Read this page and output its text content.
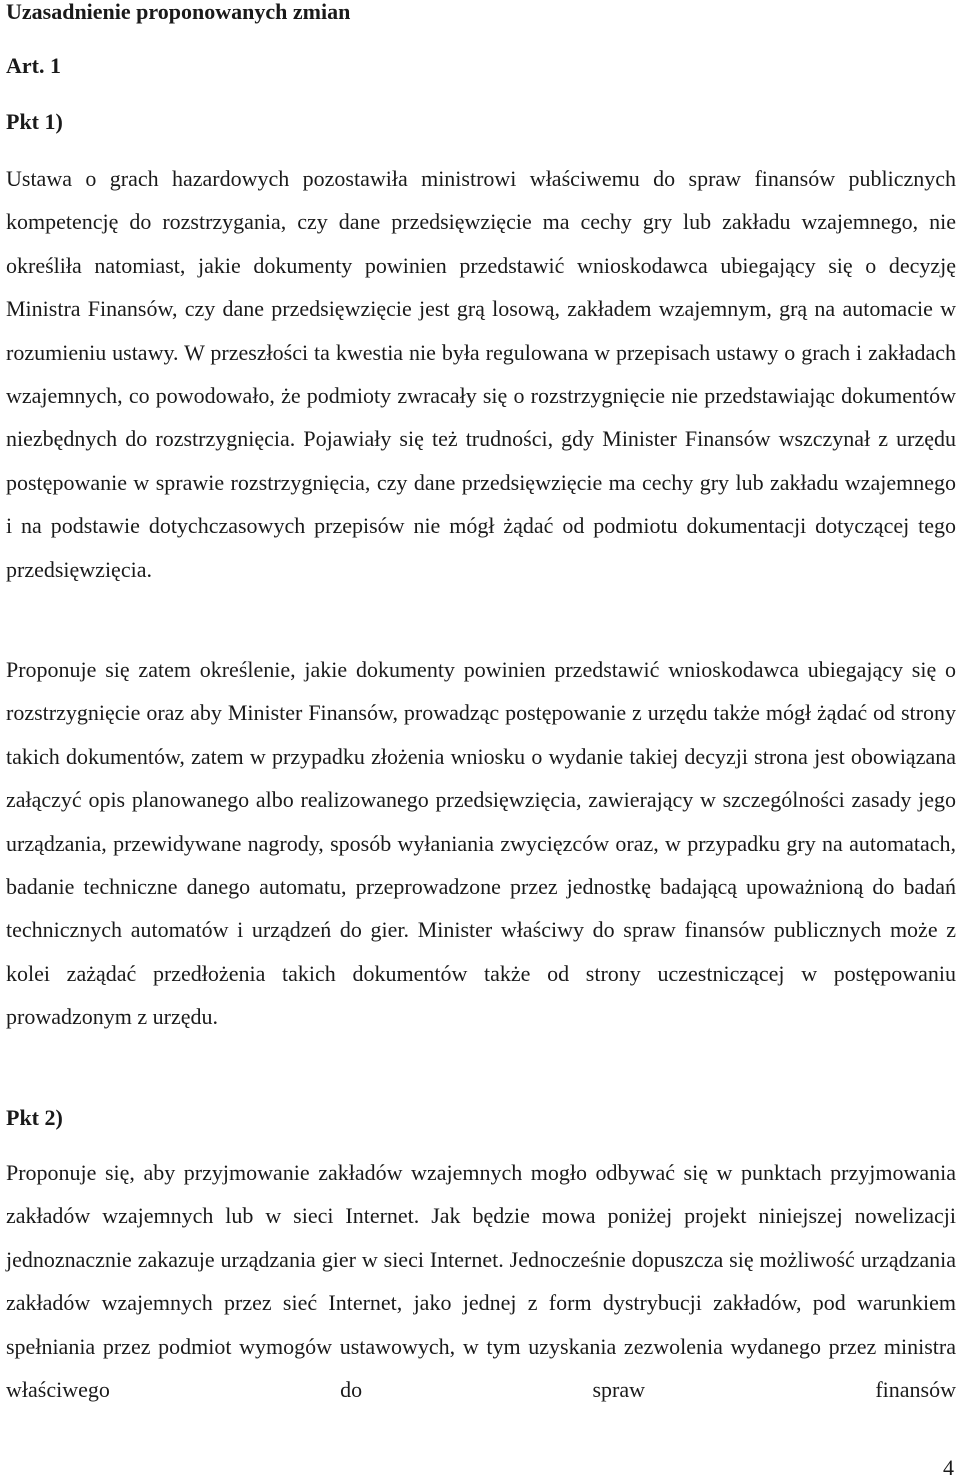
Uzasadnienie proponowanych zmian
Art. 1
Pkt 1)

Ustawa o grach hazardowych pozostawiła ministrowi właściwemu do spraw finansów publicznych kompetencję do rozstrzygania, czy dane przedsięwzięcie ma cechy gry lub zakładu wzajemnego, nie określiła natomiast, jakie dokumenty powinien przedstawić wnioskodawca ubiegający się o decyzję Ministra Finansów, czy dane przedsięwzięcie jest grą losową, zakładem wzajemnym, grą na automacie w rozumieniu ustawy. W przeszłości ta kwestia nie była regulowana w przepisach ustawy o grach i zakładach wzajemnych, co powodowało, że podmioty zwracały się o rozstrzygnięcie nie przedstawiając dokumentów niezbędnych do rozstrzygnięcia. Pojawiały się też trudności, gdy Minister Finansów wszczynał z urzędu postępowanie w sprawie rozstrzygnięcia, czy dane przedsięwzięcie ma cechy gry lub zakładu wzajemnego i na podstawie dotychczasowych przepisów nie mógł żądać od podmiotu dokumentacji dotyczącej tego przedsięwzięcia.

Proponuje się zatem określenie, jakie dokumenty powinien przedstawić wnioskodawca ubiegający się o rozstrzygnięcie oraz aby Minister Finansów, prowadząc postępowanie z urzędu także mógł żądać od strony takich dokumentów, zatem w przypadku złożenia wniosku o wydanie takiej decyzji strona jest obowiązana załączyć opis planowanego albo realizowanego przedsięwzięcia, zawierający w szczególności zasady jego urządzania, przewidywane nagrody, sposób wyłaniania zwycięzców oraz, w przypadku gry na automatach, badanie techniczne danego automatu, przeprowadzone przez jednostkę badającą upoważnioną do badań technicznych automatów i urządzeń do gier. Minister właściwy do spraw finansów publicznych może z kolei zażądać przedłożenia takich dokumentów także od strony uczestniczącej w postępowaniu prowadzonym z urzędu.

Pkt 2)

Proponuje się, aby przyjmowanie zakładów wzajemnych mogło odbywać się w punktach przyjmowania zakładów wzajemnych lub w sieci Internet. Jak będzie mowa poniżej projekt niniejszej nowelizacji jednoznacznie zakazuje urządzania gier w sieci Internet. Jednocześnie dopuszcza się możliwość urządzania zakładów wzajemnych przez sieć Internet, jako jednej z form dystrybucji zakładów, pod warunkiem spełniania przez podmiot wymogów ustawowych, w tym uzyskania zezwolenia wydanego przez ministra właściwego do spraw finansów

4
